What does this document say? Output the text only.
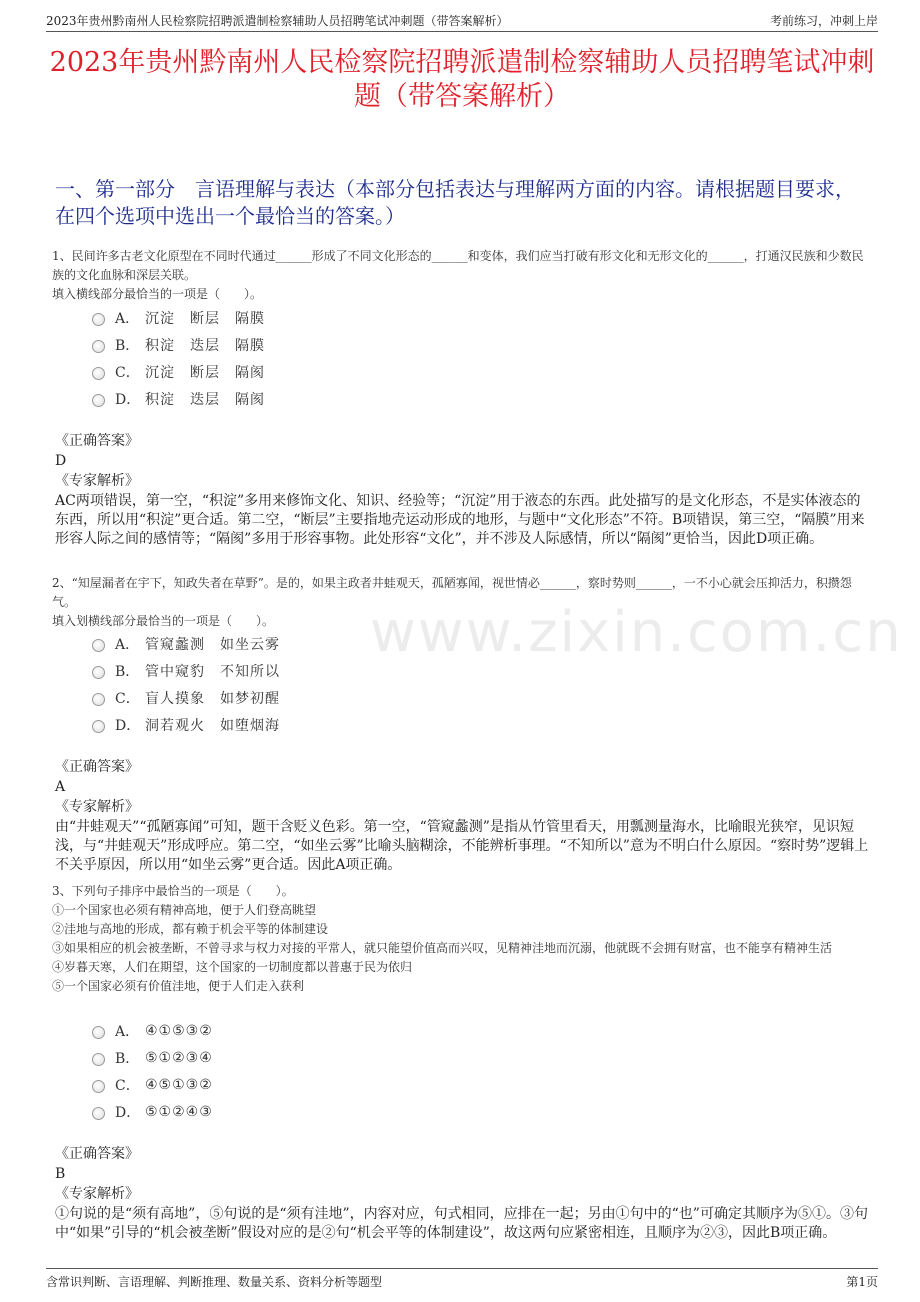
2023年贵州黔南州人民检察院招聘派遣制检察辅助人员招聘笔试冲刺题（带答案解析）	考前练习，冲刺上岸
2023年贵州黔南州人民检察院招聘派遣制检察辅助人员招聘笔试冲刺题（带答案解析）
一、第一部分　言语理解与表达（本部分包括表达与理解两方面的内容。请根据题目要求，在四个选项中选出一个最恰当的答案。）
www.zixin.com.cn
1、民间许多古老文化原型在不同时代通过______形成了不同文化形态的______和变体，我们应当打破有形文化和无形文化的______，打通汉民族和少数民族的文化血脉和深层关联。
填入横线部分最恰当的一项是（　　）。
A． 沉淀　断层　隔膜
B． 积淀　迭层　隔膜
C． 沉淀　断层　隔阂
D． 积淀　迭层　隔阂
《正确答案》
D
《专家解析》
AC两项错误，第一空，“积淀”多用来修饰文化、知识、经验等；“沉淀”用于液态的东西。此处描写的是文化形态，不是实体液态的东西，所以用“积淀”更合适。第二空，“断层”主要指地壳运动形成的地形，与题中“文化形态”不符。B项错误，第三空，“隔膜”用来形容人际之间的感情等；“隔阂”多用于形容事物。此处形容“文化”，并不涉及人际感情，所以“隔阂”更恰当，因此D项正确。
2、“知屋漏者在宇下，知政失者在草野”。是的，如果主政者井蛙观天，孤陋寡闻，视世情必______，察时势则______，一不小心就会压抑活力，积攒怨气。
填入划横线部分最恰当的一项是（　　）。
A． 管窥蠡测　如坐云雾
B． 管中窥豹　不知所以
C． 盲人摸象　如梦初醒
D． 洞若观火　如堕烟海
《正确答案》
A
《专家解析》
由“井蛙观天”“孤陋寡闻”可知，题干含贬义色彩。第一空，“管窥蠡测”是指从竹管里看天，用瓢测量海水，比喻眼光狭窄，见识短浅，与“井蛙观天”形成呼应。第二空，“如坐云雾”比喻头脑糊涂，不能辨析事理。“不知所以”意为不明白什么原因。“察时势”逻辑上不关乎原因，所以用“如坐云雾”更合适。因此A项正确。
3、下列句子排序中最恰当的一项是（　　）。
①一个国家也必须有精神高地，便于人们登高眺望
②洼地与高地的形成，都有赖于机会平等的体制建设
③如果相应的机会被垄断，不曾寻求与权力对接的平常人，就只能望价值高而兴叹，见精神洼地而沉溺，他就既不会拥有财富，也不能享有精神生活
④岁暮天寒，人们在期望，这个国家的一切制度都以普惠于民为依归
⑤一个国家必须有价值洼地，便于人们走入获利
A． ④①⑤③②
B． ⑤①②③④
C． ④⑤①③②
D． ⑤①②④③
《正确答案》
B
《专家解析》
①句说的是“须有高地”，⑤句说的是“须有洼地”，内容对应，句式相同，应排在一起；另由①句中的“也”可确定其顺序为⑤①。③句中“如果”引导的“机会被垄断”假设对应的是②句“机会平等的体制建设”，故这两句应紧密相连，且顺序为②③，因此B项正确。
含常识判断、言语理解、判断推理、数量关系、资料分析等题型	第1页
